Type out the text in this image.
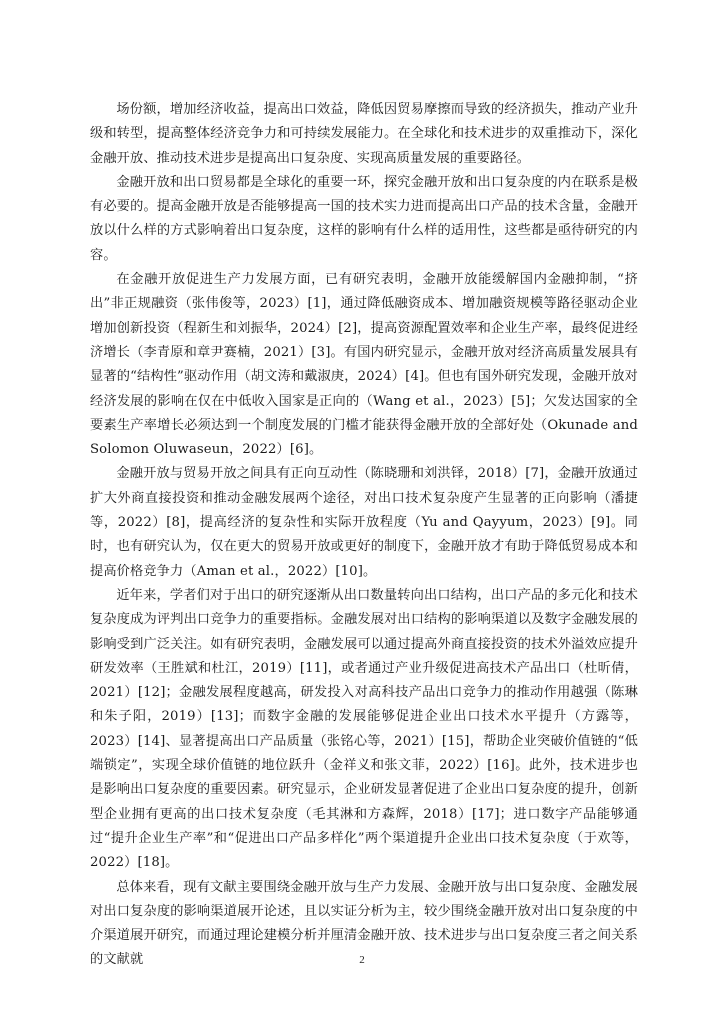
场份额，增加经济收益，提高出口效益，降低因贸易摩擦而导致的经济损失，推动产业升级和转型，提高整体经济竞争力和可持续发展能力。在全球化和技术进步的双重推动下，深化金融开放、推动技术进步是提高出口复杂度、实现高质量发展的重要路径。

金融开放和出口贸易都是全球化的重要一环，探究金融开放和出口复杂度的内在联系是极有必要的。提高金融开放是否能够提高一国的技术实力进而提高出口产品的技术含量，金融开放以什么样的方式影响着出口复杂度，这样的影响有什么样的适用性，这些都是亟待研究的内容。

在金融开放促进生产力发展方面，已有研究表明，金融开放能缓解国内金融抑制，“挤出”非正规融资（张伟俊等，2023）[1]，通过降低融资成本、增加融资规模等路径驱动企业增加创新投资（程新生和刘振华，2024）[2]，提高资源配置效率和企业生产率，最终促进经济增长（李青原和章尹赛楠，2021）[3]。有国内研究显示，金融开放对经济高质量发展具有显著的“结构性”驱动作用（胡文涛和戴淑庚，2024）[4]。但也有国外研究发现，金融开放对经济发展的影响在仅在中低收入国家是正向的（Wang et al.，2023）[5]；欠发达国家的全要素生产率增长必须达到一个制度发展的门槛才能获得金融开放的全部好处（Okunade and Solomon Oluwaseun，2022）[6]。

金融开放与贸易开放之间具有正向互动性（陈晓珊和刘洪铎，2018）[7]，金融开放通过扩大外商直接投资和推动金融发展两个途径，对出口技术复杂度产生显著的正向影响（潘捷等，2022）[8]，提高经济的复杂性和实际开放程度（Yu and Qayyum，2023）[9]。同时，也有研究认为，仅在更大的贸易开放或更好的制度下，金融开放才有助于降低贸易成本和提高价格竞争力（Aman et al.，2022）[10]。

近年来，学者们对于出口的研究逐渐从出口数量转向出口结构，出口产品的多元化和技术复杂度成为评判出口竞争力的重要指标。金融发展对出口结构的影响渠道以及数字金融发展的影响受到广泛关注。如有研究表明，金融发展可以通过提高外商直接投资的技术外溢效应提升研发效率（王胜斌和杜江，2019）[11]，或者通过产业升级促进高技术产品出口（杜昕倩，2021）[12]；金融发展程度越高，研发投入对高科技产品出口竞争力的推动作用越强（陈琳和朱子阳，2019）[13]；而数字金融的发展能够促进企业出口技术水平提升（方露等，2023）[14]、显著提高出口产品质量（张铭心等，2021）[15]，帮助企业突破价值链的“低端锁定”，实现全球价值链的地位跃升（金祥义和张文菲，2022）[16]。此外，技术进步也是影响出口复杂度的重要因素。研究显示，企业研发显著促进了企业出口复杂度的提升，创新型企业拥有更高的出口技术复杂度（毛其淋和方森辉，2018）[17]；进口数字产品能够通过“提升企业生产率”和“促进出口产品多样化”两个渠道提升企业出口技术复杂度（于欢等，2022）[18]。

总体来看，现有文献主要围绕金融开放与生产力发展、金融开放与出口复杂度、金融发展对出口复杂度的影响渠道展开论述，且以实证分析为主，较少围绕金融开放对出口复杂度的中介渠道展开研究，而通过理论建模分析并厘清金融开放、技术进步与出口复杂度三者之间关系的文献就	2
